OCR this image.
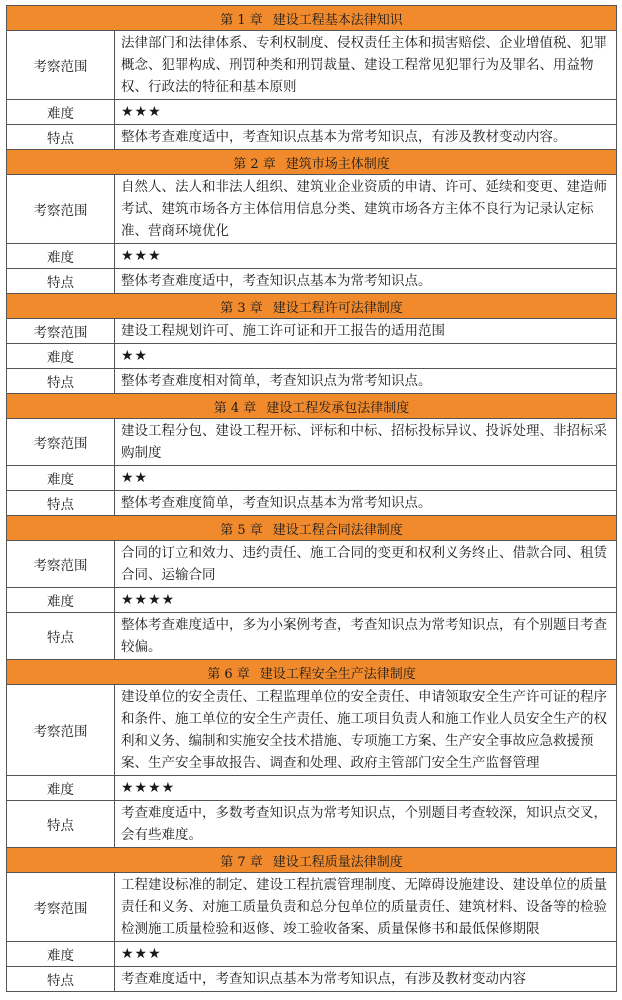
第 1 章 建设工程基本法律知识	
考察范围	法律部门和法律体系、专利权制度、侵权责任主体和损害赔偿、企业增值税、犯罪概念、犯罪构成、刑罚种类和刑罚裁量、建设工程常见犯罪行为及罪名、用益物权、行政法的特征和基本原则
难度	★★★
特点	整体考查难度适中，考查知识点基本为常考知识点，有涉及教材变动内容。
第 2 章 建筑市场主体制度	
考察范围	自然人、法人和非法人组织、建筑业企业资质的申请、许可、延续和变更、建造师考试、建筑市场各方主体信用信息分类、建筑市场各方主体不良行为记录认定标准、营商环境优化
难度	★★★
特点	整体考查难度适中，考查知识点基本为常考知识点。
第 3 章 建设工程许可法律制度	
考察范围	建设工程规划许可、施工许可证和开工报告的适用范围
难度	★★
特点	整体考查难度相对简单，考查知识点为常考知识点。
第 4 章 建设工程发承包法律制度	
考察范围	建设工程分包、建设工程开标、评标和中标、招标投标异议、投诉处理、非招标采购制度
难度	★★
特点	整体考查难度简单，考查知识点基本为常考知识点。
第 5 章 建设工程合同法律制度	
考察范围	合同的订立和效力、违约责任、施工合同的变更和权利义务终止、借款合同、租赁合同、运输合同
难度	★★★★
特点	整体考查难度适中，多为小案例考查，考查知识点为常考知识点，有个别题目考查较偏。
第 6 章 建设工程安全生产法律制度	
考察范围	建设单位的安全责任、工程监理单位的安全责任、申请领取安全生产许可证的程序和条件、施工单位的安全生产责任、施工项目负责人和施工作业人员安全生产的权利和义务、编制和实施安全技术措施、专项施工方案、生产安全事故应急救援预案、生产安全事故报告、调查和处理、政府主管部门安全生产监督管理
难度	★★★★
特点	考查难度适中，多数考查知识点为常考知识点，个别题目考查较深，知识点交叉，会有些难度。
第 7 章 建设工程质量法律制度	
考察范围	工程建设标准的制定、建设工程抗震管理制度、无障碍设施建设、建设单位的质量责任和义务、对施工质量负责和总分包单位的质量责任、建筑材料、设备等的检验检测施工质量检验和返修、竣工验收备案、质量保修书和最低保修期限
难度	★★★
特点	考查难度适中，考查知识点基本为常考知识点，有涉及教材变动内容
